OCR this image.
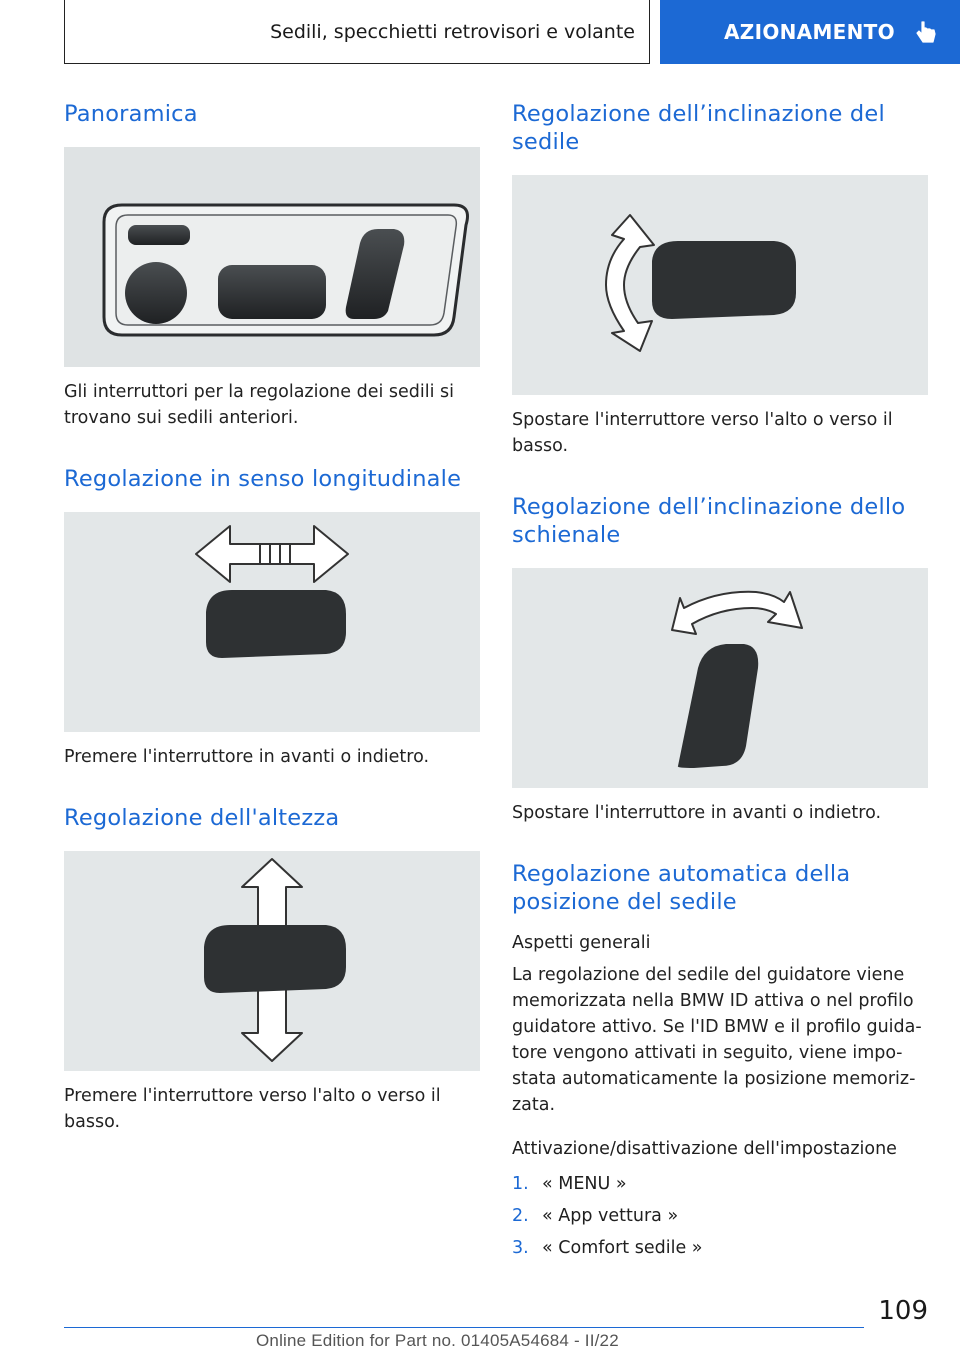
Sedili, specchietti retrovisori e volante	AZIONAMENTO
Panoramica

Gli interruttori per la regolazione dei sedili si trovano sui sedili anteriori.

Regolazione in senso longitudinale

Premere l'interruttore in avanti o indietro.

Regolazione dell'altezza

Premere l'interruttore verso l'alto o verso il basso.

Regolazione dell’inclinazione del sedile

Spostare l'interruttore verso l'alto o verso il basso.

Regolazione dell’inclinazione dello schienale

Spostare l'interruttore in avanti o indietro.

Regolazione automatica della posizione del sedile
Aspetti generali

La regolazione del sedile del guidatore viene memorizzata nella BMW ID attiva o nel profilo guidatore attivo. Se l'ID BMW e il profilo guidatore vengono attivati in seguito, viene impostata automaticamente la posizione memorizzata.

Attivazione/disattivazione dell'impostazione
1. « MENU »
2. « App vettura »
3. « Comfort sedile »
109
Online Edition for Part no. 01405A54684 - II/22
